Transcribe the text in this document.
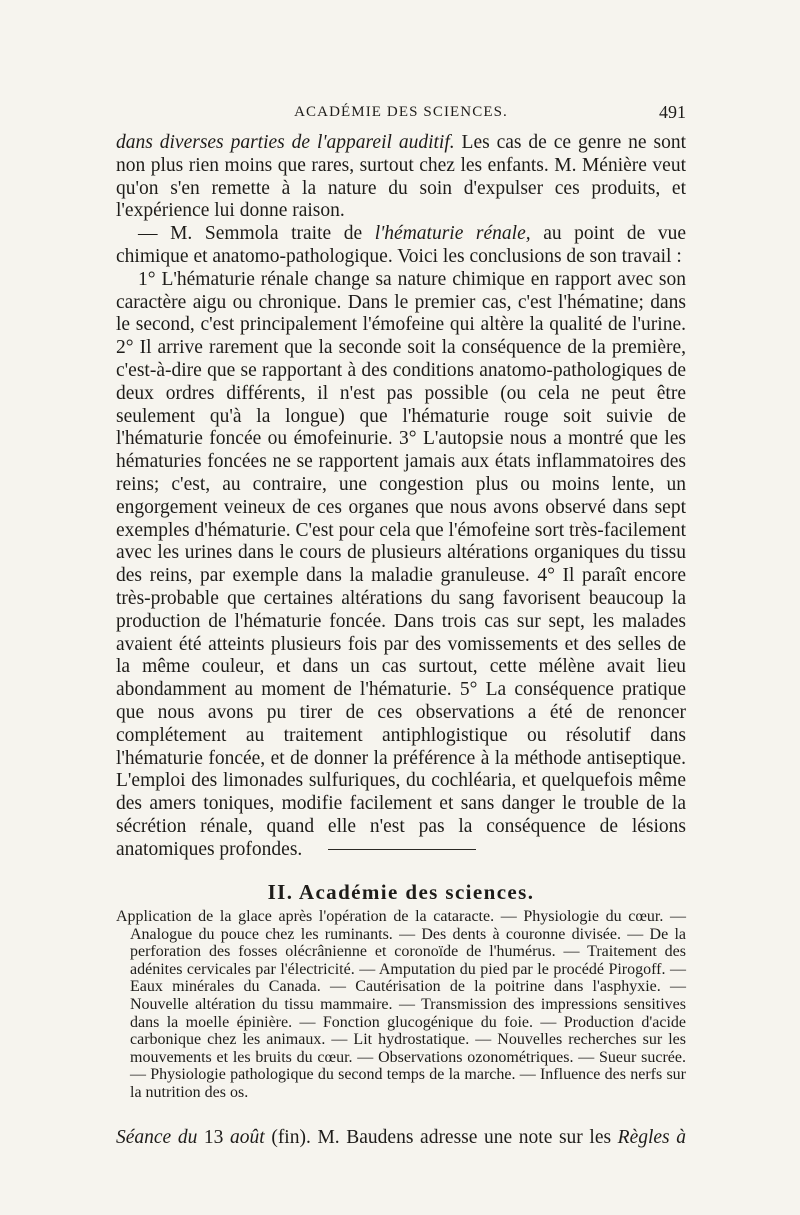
ACADÉMIE DES SCIENCES.	491

dans diverses parties de l'appareil auditif. Les cas de ce genre ne sont non plus rien moins que rares, surtout chez les enfants. M. Ménière veut qu'on s'en remette à la nature du soin d'expulser ces produits, et l'expérience lui donne raison.

— M. Semmola traite de l'hématurie rénale, au point de vue chimique et anatomo-pathologique. Voici les conclusions de son travail :

1° L'hématurie rénale change sa nature chimique en rapport avec son caractère aigu ou chronique. Dans le premier cas, c'est l'hématine; dans le second, c'est principalement l'émofeine qui altère la qualité de l'urine. 2° Il arrive rarement que la seconde soit la conséquence de la première, c'est-à-dire que se rapportant à des conditions anatomo-pathologiques de deux ordres différents, il n'est pas possible (ou cela ne peut être seulement qu'à la longue) que l'hématurie rouge soit suivie de l'hématurie foncée ou émofeinurie. 3° L'autopsie nous a montré que les hématuries foncées ne se rapportent jamais aux états inflammatoires des reins; c'est, au contraire, une congestion plus ou moins lente, un engorgement veineux de ces organes que nous avons observé dans sept exemples d'hématurie. C'est pour cela que l'émofeine sort très-facilement avec les urines dans le cours de plusieurs altérations organiques du tissu des reins, par exemple dans la maladie granuleuse. 4° Il paraît encore très-probable que certaines altérations du sang favorisent beaucoup la production de l'hématurie foncée. Dans trois cas sur sept, les malades avaient été atteints plusieurs fois par des vomissements et des selles de la même couleur, et dans un cas surtout, cette mélène avait lieu abondamment au moment de l'hématurie. 5° La conséquence pratique que nous avons pu tirer de ces observations a été de renoncer complétement au traitement antiphlogistique ou résolutif dans l'hématurie foncée, et de donner la préférence à la méthode antiseptique. L'emploi des limonades sulfuriques, du cochléaria, et quelquefois même des amers toniques, modifie facilement et sans danger le trouble de la sécrétion rénale, quand elle n'est pas la conséquence de lésions anatomiques profondes.

II. Académie des sciences.

Application de la glace après l'opération de la cataracte. — Physiologie du cœur. — Analogue du pouce chez les ruminants. — Des dents à couronne divisée. — De la perforation des fosses olécrânienne et coronoïde de l'humérus. — Traitement des adénites cervicales par l'électricité. — Amputation du pied par le procédé Pirogoff. — Eaux minérales du Canada. — Cautérisation de la poitrine dans l'asphyxie. — Nouvelle altération du tissu mammaire. — Transmission des impressions sensitives dans la moelle épinière. — Fonction glucogénique du foie. — Production d'acide carbonique chez les animaux. — Lit hydrostatique. — Nouvelles recherches sur les mouvements et les bruits du cœur. — Observations ozonométriques. — Sueur sucrée. — Physiologie pathologique du second temps de la marche. — Influence des nerfs sur la nutrition des os.

Séance du 13 août (fin). M. Baudens adresse une note sur les Règles à
